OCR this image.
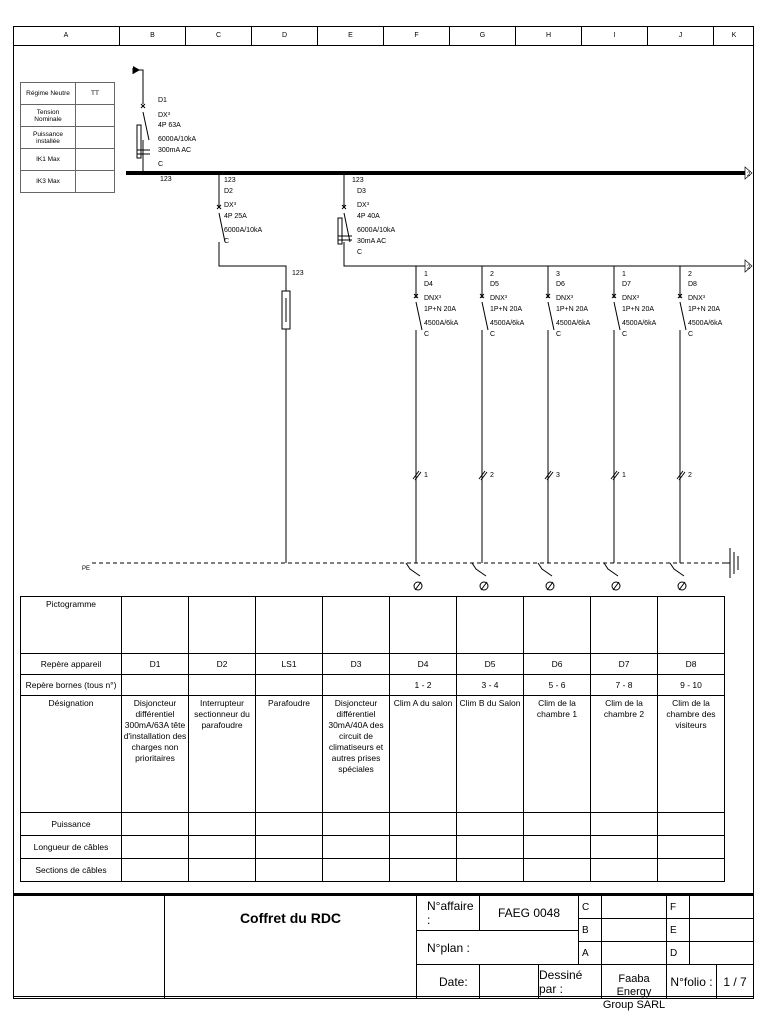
A	B	C	D	E	F	G	H	I	J	K
Régime Neutre	TT
Tension Nominale	
Puissance installée	
IK1 Max	
IK3 Max	
D1
DX³
4P 63A
6000A/10kA
300mA AC
C
123
2
123
D2
DX³
4P 25A
6000A/10kA
C
123
2
123
D3
DX³
4P 40A
6000A/10kA
30mA AC
C
1
D4
DNX³
1P+N 20A
4500A/6kA
C
1
2
D5
DNX³
1P+N 20A
4500A/6kA
C
2
3
D6
DNX³
1P+N 20A
4500A/6kA
C
3
1
D7
DNX³
1P+N 20A
4500A/6kA
C
1
2
D8
DNX³
1P+N 20A
4500A/6kA
C
2
PE
Pictogramme									
Repère appareil	D1	D2	LS1	D3	D4	D5	D6	D7	D8
Repère bornes (tous n°)					1 - 2	3 - 4	5 - 6	7 - 8	9 - 10
Désignation	Disjoncteur différentiel 300mA/63A tête d'installation des charges non prioritaires	Interrupteur sectionneur du parafoudre	Parafoudre	Disjoncteur différentiel 30mA/40A des circuit de climatiseurs et autres prises spéciales	Clim A du salon	Clim B du Salon	Clim de la chambre 1	Clim de la chambre 2	Clim de la chambre des visiteurs
Puissance									
Longueur de câbles									
Sections de câbles									
Coffret du RDC
N°affaire :	FAEG 0048
N°plan :
Date:	Dessiné par :
Faaba Energy Group SARL
N°folio : 1 / 7
C
B
A
F
E
D
